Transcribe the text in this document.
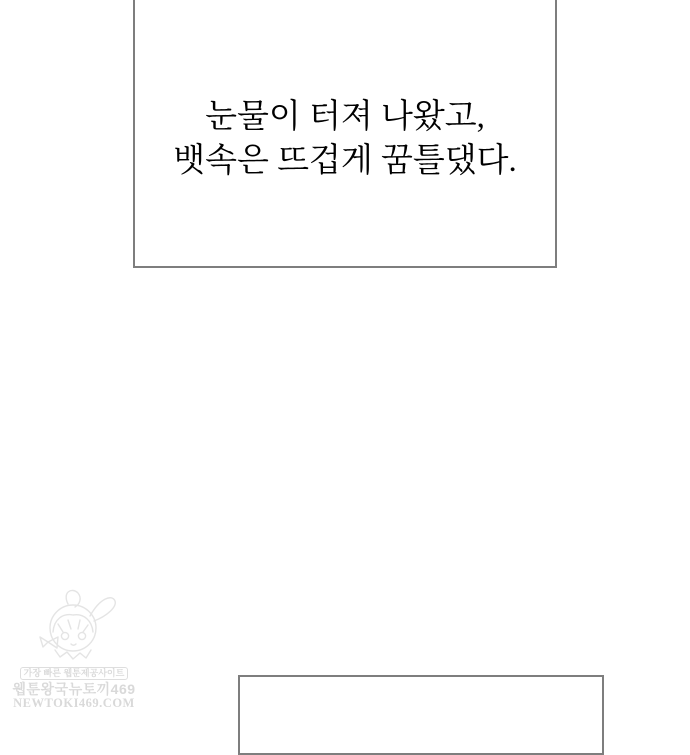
눈물이 터져 나왔고,
뱃속은 뜨겁게 꿈틀댔다.
가장 빠른 웹툰제공사이트
웹툰왕국뉴토끼469
NEWTOKI469.COM
